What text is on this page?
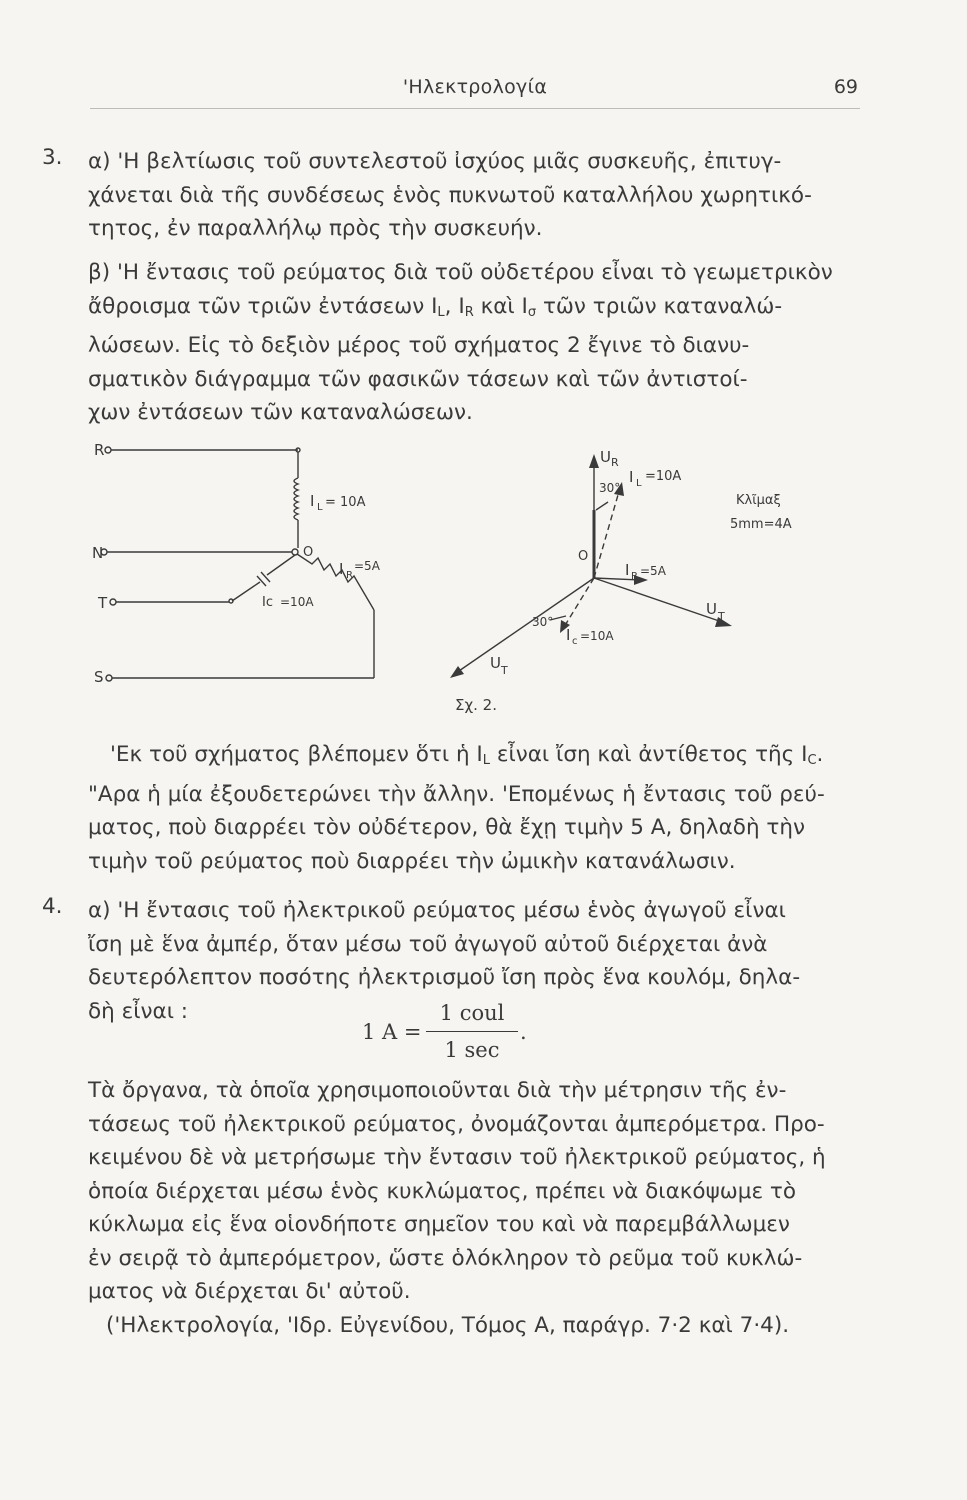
'Ηλεκτρολογία	69
3. α) 'Η βελτίωσις τοῦ συντελεστοῦ ἰσχύος μιᾶς συσκευῆς, ἐπιτυγ-
χάνεται διὰ τῆς συνδέσεως ἑνὸς πυκνωτοῦ καταλλήλου χωρητικό-
τητος, ἐν παραλλήλῳ πρὸς τὴν συσκευήν.
β) 'Η ἔντασις τοῦ ρεύματος διὰ τοῦ οὐδετέρου εἶναι τὸ γεωμετρικὸν
ἄθροισμα τῶν τριῶν ἐντάσεων $I_L$, $I_R$ καὶ $I_\sigma$ τῶν τριῶν καταναλώ-
λώσεων. Εἰς τὸ δεξιὸν μέρος τοῦ σχήματος 2 ἔγινε τὸ διανυ-
σματικὸν διάγραμμα τῶν φασικῶν τάσεων καὶ τῶν ἀντιστοί-
χων ἐντάσεων τῶν καταναλώσεων.
R
N
T
S
I L = 10A
O
I R
=5A
Ic =10A
U R
30°
I L =10A
Κλῖμαξ
5mm=4A
O
I R =5A
U T
30°
I c =10A
U T
Σχ. 2.
'Εκ τοῦ σχήματος βλέπομεν ὅτι ἡ $I_L$ εἶναι ἴση καὶ ἀντίθετος τῆς $I_C$.
"Αρα ἡ μία ἐξουδετερώνει τὴν ἄλλην. 'Επομένως ἡ ἔντασις τοῦ ρεύ-
ματος, ποὺ διαρρέει τὸν οὐδέτερον, θὰ ἔχῃ τιμὴν 5 A, δηλαδὴ τὴν
τιμὴν τοῦ ρεύματος ποὺ διαρρέει τὴν ὠμικὴν κατανάλωσιν.
4. α) 'Η ἔντασις τοῦ ἠλεκτρικοῦ ρεύματος μέσω ἑνὸς ἀγωγοῦ εἶναι
ἴση μὲ ἕνα ἀμπέρ, ὅταν μέσω τοῦ ἀγωγοῦ αὐτοῦ διέρχεται ἀνὰ
δευτερόλεπτον ποσότης ἠλεκτρισμοῦ ἴση πρὸς ἕνα κουλόμ, δηλα-
δὴ εἶναι :
1 A =
1 coul
1 sec
.
Τὰ ὄργανα, τὰ ὁποῖα χρησιμοποιοῦνται διὰ τὴν μέτρησιν τῆς ἐν-
τάσεως τοῦ ἠλεκτρικοῦ ρεύματος, ὀνομάζονται ἀμπερόμετρα. Προ-
κειμένου δὲ νὰ μετρήσωμε τὴν ἔντασιν τοῦ ἠλεκτρικοῦ ρεύματος, ἡ
ὁποία διέρχεται μέσω ἑνὸς κυκλώματος, πρέπει νὰ διακόψωμε τὸ
κύκλωμα εἰς ἕνα οἱονδήποτε σημεῖον του καὶ νὰ παρεμβάλλωμεν
ἐν σειρᾷ τὸ ἀμπερόμετρον, ὥστε ὁλόκληρον τὸ ρεῦμα τοῦ κυκλώ-
ματος νὰ διέρχεται δι' αὐτοῦ.
('Ηλεκτρολογία, 'Ιδρ. Εὐγενίδου, Τόμος Α, παράγρ. 7·2 καὶ 7·4).
